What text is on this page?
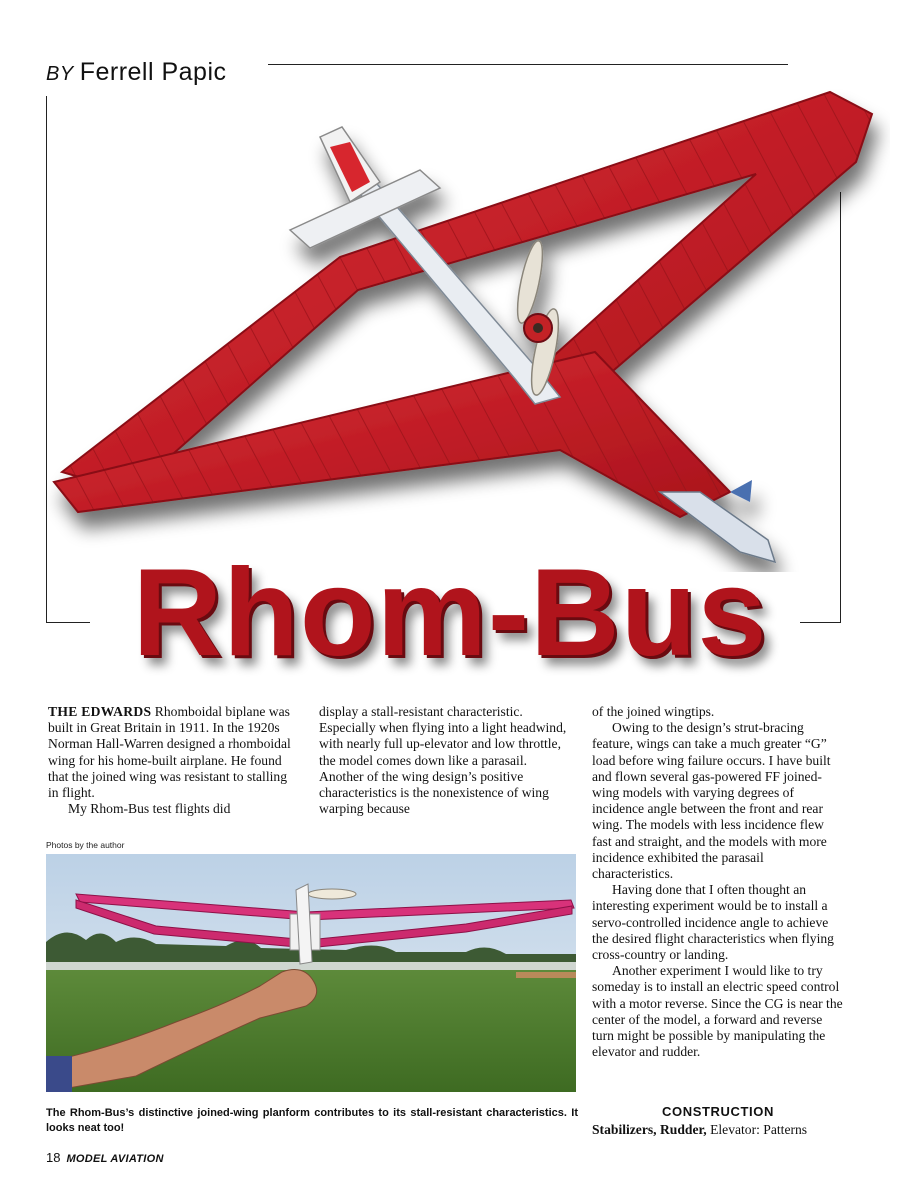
BY Ferrell Papic
Rhom-Bus

THE EDWARDS Rhomboidal biplane was built in Great Britain in 1911. In the 1920s Norman Hall-Warren designed a rhomboidal wing for his home-built airplane. He found that the joined wing was resistant to stalling in flight.

My Rhom-Bus test flights did

display a stall-resistant characteristic. Especially when flying into a light headwind, with nearly full up-elevator and low throttle, the model comes down like a parasail. Another of the wing design’s positive characteristics is the nonexistence of wing warping because

of the joined wingtips.

Owing to the design’s strut-bracing feature, wings can take a much greater “G” load before wing failure occurs. I have built and flown several gas-powered FF joined-wing models with varying degrees of incidence angle between the front and rear wing. The models with less incidence flew fast and straight, and the models with more incidence exhibited the parasail characteristics.

Having done that I often thought an interesting experiment would be to install a servo-controlled incidence angle to achieve the desired flight characteristics when flying cross-country or landing.

Another experiment I would like to try someday is to install an electric speed control with a motor reverse. Since the CG is near the center of the model, a forward and reverse turn might be possible by manipulating the elevator and rudder.

Photos by the author
The Rhom-Bus’s distinctive joined-wing planform contributes to its stall-resistant characteristics. It looks neat too!
CONSTRUCTION
Stabilizers, Rudder, Elevator: Patterns
18 MODEL AVIATION
